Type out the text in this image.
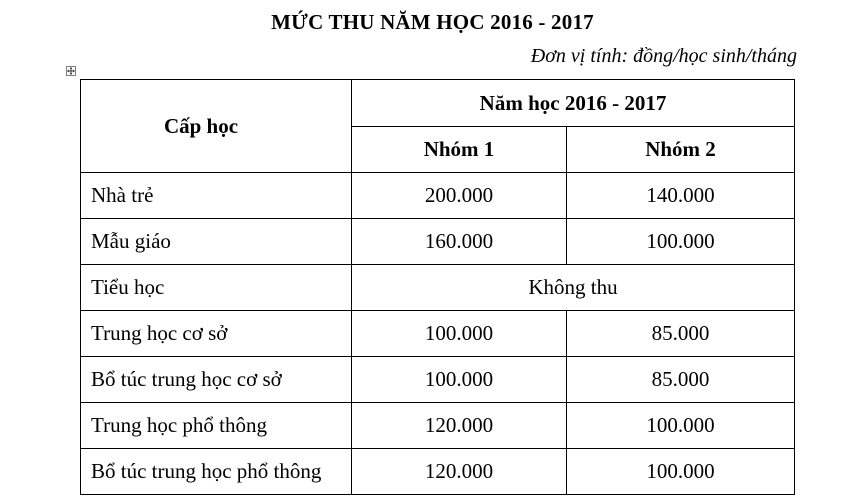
MỨC THU NĂM HỌC 2016 - 2017
Đơn vị tính: đồng/học sinh/tháng
Cấp học	Năm học 2016 - 2017	
	Nhóm 1	Nhóm 2
Nhà trẻ	200.000	140.000
Mẫu giáo	160.000	100.000
Tiểu học	Không thu	
Trung học cơ sở	100.000	85.000
Bổ túc trung học cơ sở	100.000	85.000
Trung học phổ thông	120.000	100.000
Bổ túc trung học phổ thông	120.000	100.000
